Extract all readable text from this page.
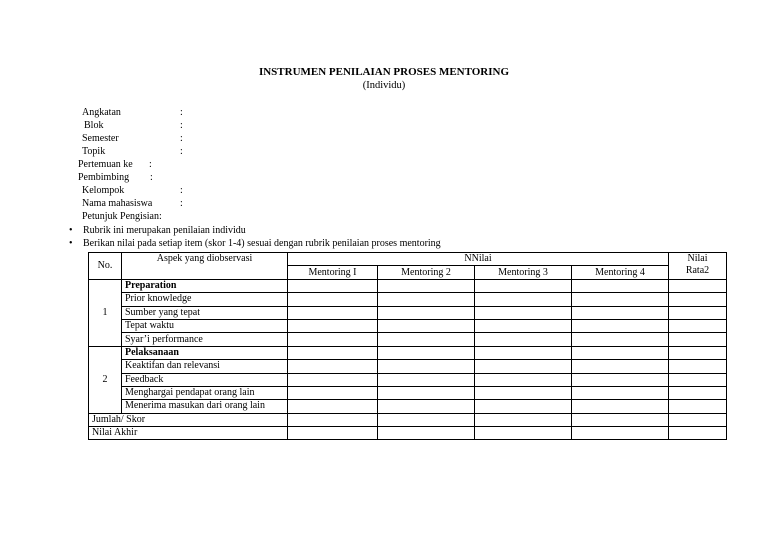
INSTRUMEN PENILAIAN PROSES MENTORING
(Individu)
Angkatan	:
Blok	:
Semester	:
Topik	:
Pertemuan ke :
Pembimbing :
Kelompok	:
Nama mahasiswa	:
Petunjuk Pengisian:
• Rubrik ini merupakan penilaian individu
• Berikan nilai pada setiap item (skor 1-4) sesuai dengan rubrik penilaian proses mentoring
No.	Aspek yang diobservasi	NNilai				Nilai
Rata2

		Mentoring I	Mentoring 2	Mentoring 3	Mentoring 4	
1	Preparation					
	Prior knowledge					
	Sumber yang tepat					
	Tepat waktu					
	Syar’i performance					
2	Pelaksanaan					
	Keaktifan dan relevansi					
	Feedback					
	Menghargai pendapat orang lain					
	Menerima masukan dari orang lain					
Jumlah/ Skor						
Nilai Akhir						
